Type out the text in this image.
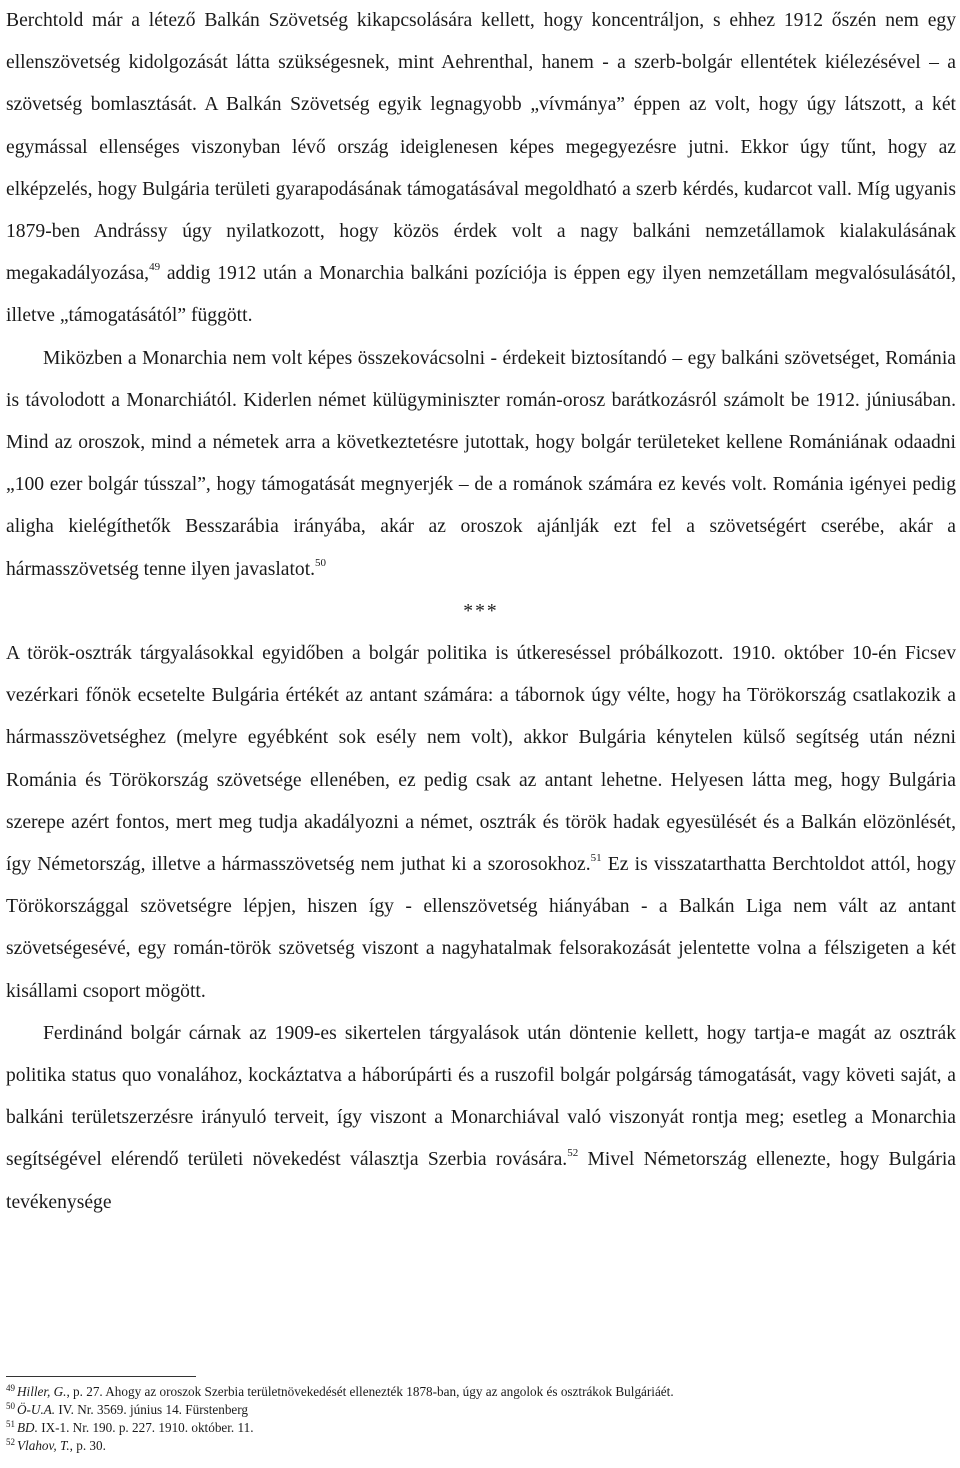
Berchtold már a létező Balkán Szövetség kikapcsolására kellett, hogy koncentráljon, s ehhez 1912 őszén nem egy ellenszövetség kidolgozását látta szükségesnek, mint Aehrenthal, hanem - a szerb-bolgár ellentétek kiélezésével – a szövetség bomlasztását. A Balkán Szövetség egyik legnagyobb „vívmánya” éppen az volt, hogy úgy látszott, a két egymással ellenséges viszonyban lévő ország ideiglenesen képes megegyezésre jutni. Ekkor úgy tűnt, hogy az elképzelés, hogy Bulgária területi gyarapodásának támogatásával megoldható a szerb kérdés, kudarcot vall. Míg ugyanis 1879-ben Andrássy úgy nyilatkozott, hogy közös érdek volt a nagy balkáni nemzetállamok kialakulásának megakadályozása,$^{49}$ addig 1912 után a Monarchia balkáni pozíciója is éppen egy ilyen nemzetállam megvalósulásától, illetve „támogatásától” függött.

Miközben a Monarchia nem volt képes összekovácsolni - érdekeit biztosítandó – egy balkáni szövetséget, Románia is távolodott a Monarchiától. Kiderlen német külügyminiszter román-orosz barátkozásról számolt be 1912. júniusában. Mind az oroszok, mind a németek arra a következtetésre jutottak, hogy bolgár területeket kellene Romániának odaadni „100 ezer bolgár tússzal”, hogy támogatását megnyerjék – de a románok számára ez kevés volt. Románia igényei pedig aligha kielégíthetők Besszarábia irányába, akár az oroszok ajánlják ezt fel a szövetségért cserébe, akár a hármasszövetség tenne ilyen javaslatot.$^{50}$

***

A török-osztrák tárgyalásokkal egyidőben a bolgár politika is útkereséssel próbálkozott. 1910. október 10-én Ficsev vezérkari főnök ecsetelte Bulgária értékét az antant számára: a tábornok úgy vélte, hogy ha Törökország csatlakozik a hármasszövetséghez (melyre egyébként sok esély nem volt), akkor Bulgária kénytelen külső segítség után nézni Románia és Törökország szövetsége ellenében, ez pedig csak az antant lehetne. Helyesen látta meg, hogy Bulgária szerepe azért fontos, mert meg tudja akadályozni a német, osztrák és török hadak egyesülését és a Balkán elözönlését, így Németország, illetve a hármasszövetség nem juthat ki a szorosokhoz.$^{51}$ Ez is visszatarthatta Berchtoldot attól, hogy Törökországgal szövetségre lépjen, hiszen így - ellenszövetség hiányában - a Balkán Liga nem vált az antant szövetségesévé, egy román-török szövetség viszont a nagyhatalmak felsorakozását jelentette volna a félszigeten a két kisállami csoport mögött.

Ferdinánd bolgár cárnak az 1909-es sikertelen tárgyalások után döntenie kellett, hogy tartja-e magát az osztrák politika status quo vonalához, kockáztatva a háborúpárti és a ruszofil bolgár polgárság támogatását, vagy követi saját, a balkáni területszerzésre irányuló terveit, így viszont a Monarchiával való viszonyát rontja meg; esetleg a Monarchia segítségével elérendő területi növekedést választja Szerbia rovására.$^{52}$ Mivel Németország ellenezte, hogy Bulgária tevékenysége

$^{49}$ Hiller, G., p. 27. Ahogy az oroszok Szerbia területnövekedését ellenezték 1878-ban, úgy az angolok és osztrákok Bulgáriáét.
$^{50}$ Ö-U.A. IV. Nr. 3569. június 14. Fürstenberg
$^{51}$ BD. IX-1. Nr. 190. p. 227. 1910. október. 11.
$^{52}$ Vlahov, T., p. 30.
